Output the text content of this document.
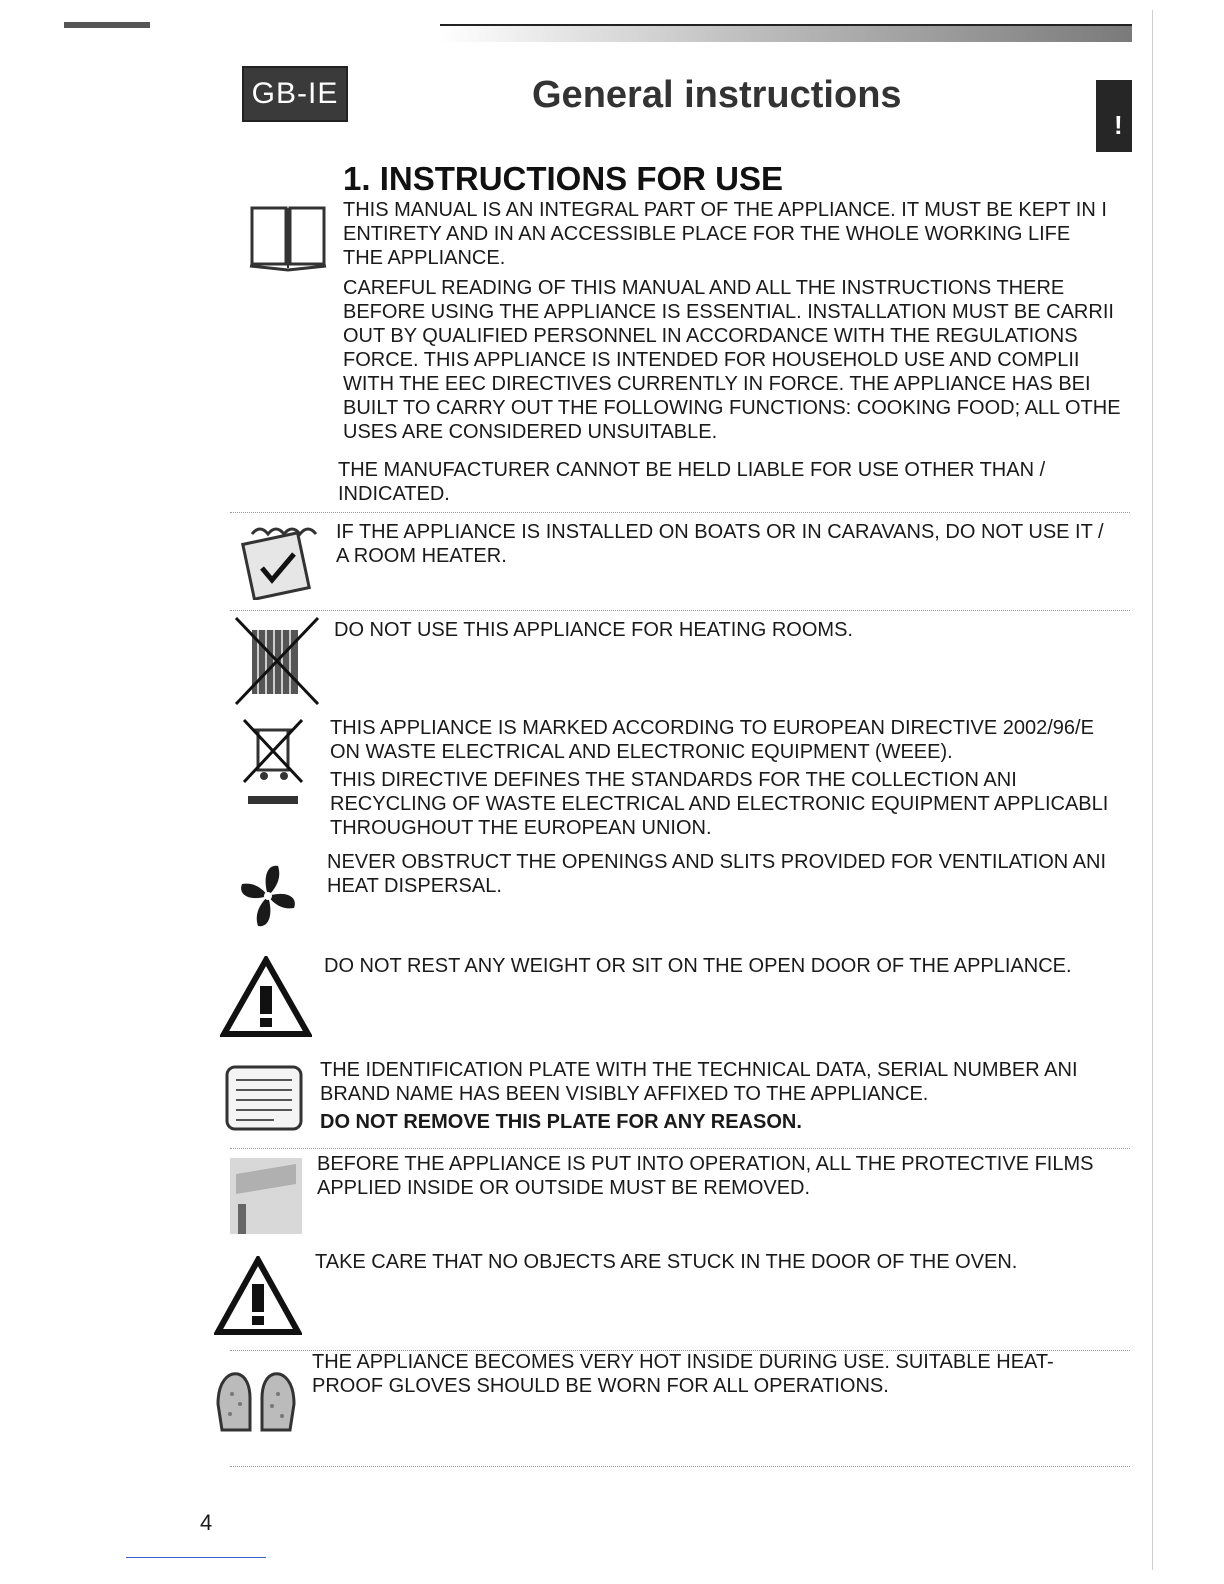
GB-IE	General instructions
!
1. INSTRUCTIONS FOR USE
THIS MANUAL IS AN INTEGRAL PART OF THE APPLIANCE. IT MUST BE KEPT IN I
ENTIRETY AND IN AN ACCESSIBLE PLACE FOR THE WHOLE WORKING LIFE
THE APPLIANCE.
CAREFUL READING OF THIS MANUAL AND ALL THE INSTRUCTIONS THERE
BEFORE USING THE APPLIANCE IS ESSENTIAL. INSTALLATION MUST BE CARRII
OUT BY QUALIFIED PERSONNEL IN ACCORDANCE WITH THE REGULATIONS
FORCE. THIS APPLIANCE IS INTENDED FOR HOUSEHOLD USE AND COMPLII
WITH THE EEC DIRECTIVES CURRENTLY IN FORCE. THE APPLIANCE HAS BEI
BUILT TO CARRY OUT THE FOLLOWING FUNCTIONS: COOKING FOOD; ALL OTHE
USES ARE CONSIDERED UNSUITABLE.
THE MANUFACTURER CANNOT BE HELD LIABLE FOR USE OTHER THAN /
INDICATED.
IF THE APPLIANCE IS INSTALLED ON BOATS OR IN CARAVANS, DO NOT USE IT /
A ROOM HEATER.
DO NOT USE THIS APPLIANCE FOR HEATING ROOMS.
THIS APPLIANCE IS MARKED ACCORDING TO EUROPEAN DIRECTIVE 2002/96/E
ON WASTE ELECTRICAL AND ELECTRONIC EQUIPMENT (WEEE).
THIS DIRECTIVE DEFINES THE STANDARDS FOR THE COLLECTION ANI
RECYCLING OF WASTE ELECTRICAL AND ELECTRONIC EQUIPMENT APPLICABLI
THROUGHOUT THE EUROPEAN UNION.
NEVER OBSTRUCT THE OPENINGS AND SLITS PROVIDED FOR VENTILATION ANI
HEAT DISPERSAL.
DO NOT REST ANY WEIGHT OR SIT ON THE OPEN DOOR OF THE APPLIANCE.
THE IDENTIFICATION PLATE WITH THE TECHNICAL DATA, SERIAL NUMBER ANI
BRAND NAME HAS BEEN VISIBLY AFFIXED TO THE APPLIANCE.
DO NOT REMOVE THIS PLATE FOR ANY REASON.
BEFORE THE APPLIANCE IS PUT INTO OPERATION, ALL THE PROTECTIVE FILMS
APPLIED INSIDE OR OUTSIDE MUST BE REMOVED.
TAKE CARE THAT NO OBJECTS ARE STUCK IN THE DOOR OF THE OVEN.
THE APPLIANCE BECOMES VERY HOT INSIDE DURING USE. SUITABLE HEAT-
PROOF GLOVES SHOULD BE WORN FOR ALL OPERATIONS.
4
